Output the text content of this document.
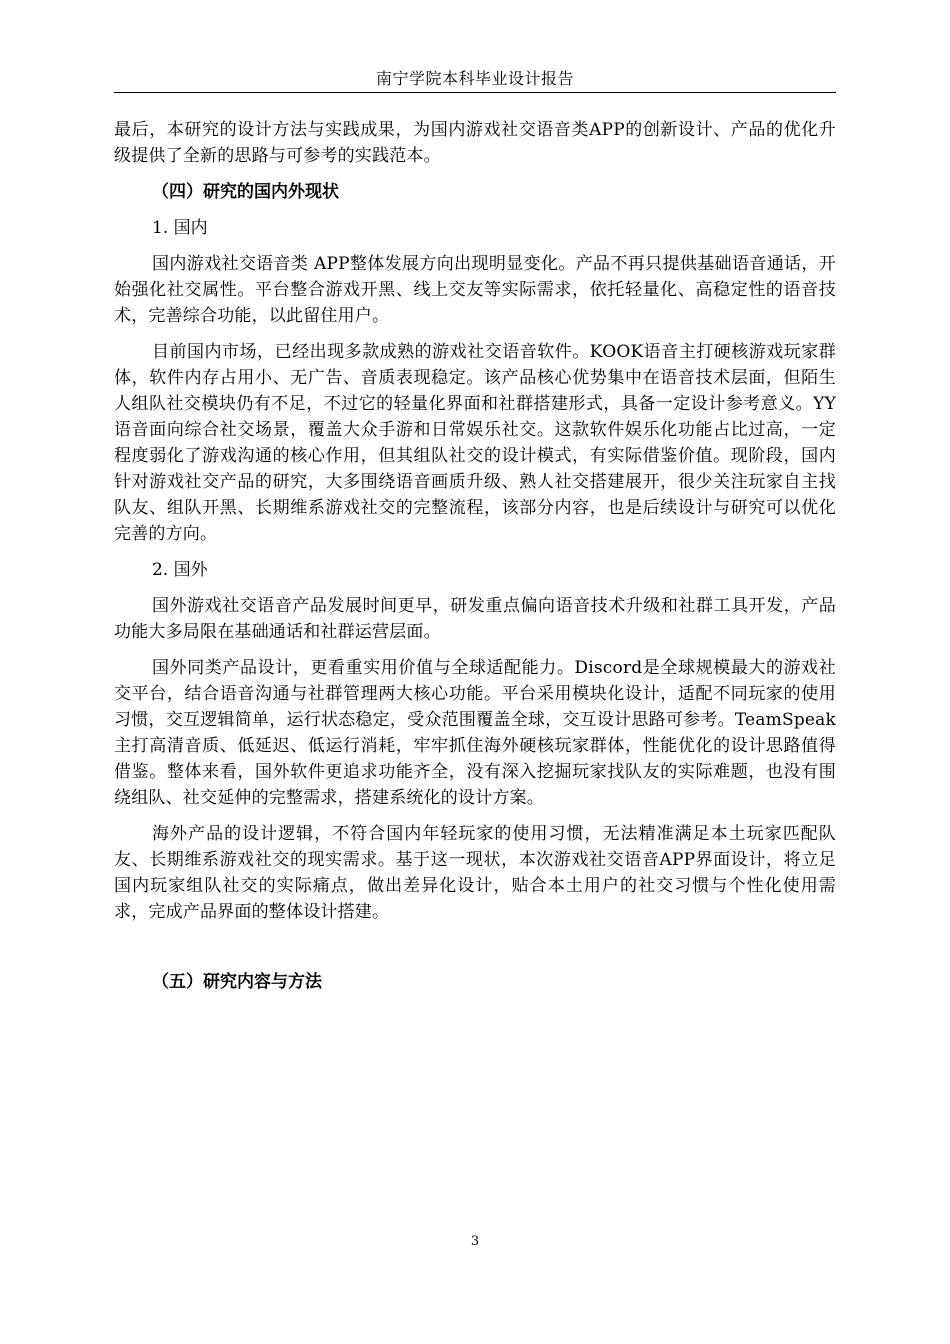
南宁学院本科毕业设计报告

最后，本研究的设计方法与实践成果，为国内游戏社交语音类APP的创新设计、产品的优化升级提供了全新的思路与可参考的实践范本。

（四）研究的国内外现状
1. 国内

国内游戏社交语音类 APP整体发展方向出现明显变化。产品不再只提供基础语音通话，开始强化社交属性。平台整合游戏开黑、线上交友等实际需求，依托轻量化、高稳定性的语音技术，完善综合功能，以此留住用户。

目前国内市场，已经出现多款成熟的游戏社交语音软件。KOOK语音主打硬核游戏玩家群体，软件内存占用小、无广告、音质表现稳定。该产品核心优势集中在语音技术层面，但陌生人组队社交模块仍有不足，不过它的轻量化界面和社群搭建形式，具备一定设计参考意义。YY语音面向综合社交场景，覆盖大众手游和日常娱乐社交。这款软件娱乐化功能占比过高，一定程度弱化了游戏沟通的核心作用，但其组队社交的设计模式，有实际借鉴价值。现阶段，国内针对游戏社交产品的研究，大多围绕语音画质升级、熟人社交搭建展开，很少关注玩家自主找队友、组队开黑、长期维系游戏社交的完整流程，该部分内容，也是后续设计与研究可以优化完善的方向。

2. 国外

国外游戏社交语音产品发展时间更早，研发重点偏向语音技术升级和社群工具开发，产品功能大多局限在基础通话和社群运营层面。

国外同类产品设计，更看重实用价值与全球适配能力。Discord是全球规模最大的游戏社交平台，结合语音沟通与社群管理两大核心功能。平台采用模块化设计，适配不同玩家的使用习惯，交互逻辑简单，运行状态稳定，受众范围覆盖全球，交互设计思路可参考。TeamSpeak主打高清音质、低延迟、低运行消耗，牢牢抓住海外硬核玩家群体，性能优化的设计思路值得借鉴。整体来看，国外软件更追求功能齐全，没有深入挖掘玩家找队友的实际难题，也没有围绕组队、社交延伸的完整需求，搭建系统化的设计方案。

海外产品的设计逻辑，不符合国内年轻玩家的使用习惯，无法精准满足本土玩家匹配队友、长期维系游戏社交的现实需求。基于这一现状，本次游戏社交语音APP界面设计，将立足国内玩家组队社交的实际痛点，做出差异化设计，贴合本土用户的社交习惯与个性化使用需求，完成产品界面的整体设计搭建。

（五）研究内容与方法
3
